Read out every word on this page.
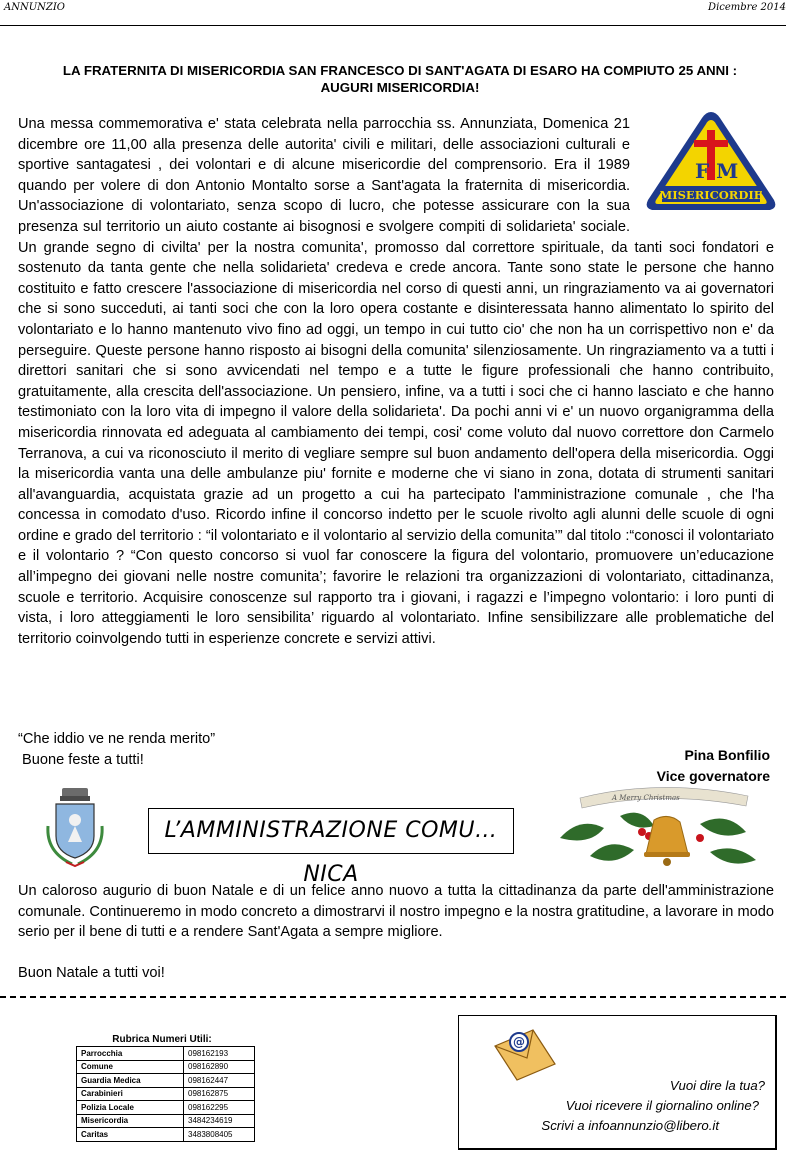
ANNUNZIO	Dicembre 2014
LA FRATERNITA DI MISERICORDIA SAN FRANCESCO DI SANT'AGATA DI ESARO HA COMPIUTO 25 ANNI :
AUGURI MISERICORDIA!
F M
MISERICORDIE
Una messa commemorativa e' stata celebrata nella parrocchia ss. Annunziata, Domenica 21 dicembre ore 11,00 alla presenza delle autorita' civili e militari, delle associazioni culturali e sportive santagatesi , dei volontari e di alcune misericordie del comprensorio. Era il 1989 quando per volere di don Antonio Montalto sorse a Sant'agata la fraternita di misericordia. Un'associazione di volontariato, senza scopo di lucro, che potesse assicurare con la sua presenza sul territorio un aiuto costante ai bisognosi e svolgere compiti di solidarieta' sociale. Un grande segno di civilta' per la nostra comunita', promosso dal correttore spirituale, da tanti soci fondatori e sostenuto da tanta gente che nella solidarieta' credeva e crede ancora. Tante sono state le persone che hanno costituito e fatto crescere l'associazione di misericordia nel corso di questi anni, un ringraziamento va ai governatori che si sono succeduti, ai tanti soci che con la loro opera costante e disinteressata hanno alimentato lo spirito del volontariato e lo hanno mantenuto vivo fino ad oggi, un tempo in cui tutto cio' che non ha un corrispettivo non e' da perseguire. Queste persone hanno risposto ai bisogni della comunita' silenziosamente. Un ringraziamento va a tutti i direttori sanitari che si sono avvicendati nel tempo e a tutte le figure professionali che hanno contribuito, gratuitamente, alla crescita dell'associazione. Un pensiero, infine, va a tutti i soci che ci hanno lasciato e che hanno testimoniato con la loro vita di impegno il valore della solidarieta'. Da pochi anni vi e' un nuovo organigramma della misericordia rinnovata ed adeguata al cambiamento dei tempi, cosi' come voluto dal nuovo correttore don Carmelo Terranova, a cui va riconosciuto il merito di vegliare sempre sul buon andamento dell'opera della misericordia. Oggi la misericordia vanta una delle ambulanze piu' fornite e moderne che vi siano in zona, dotata di strumenti sanitari all'avanguardia, acquistata grazie ad un progetto a cui ha partecipato l'amministrazione comunale , che l'ha concessa in comodato d'uso. Ricordo infine il concorso indetto per le scuole rivolto agli alunni delle scuole di ogni ordine e grado del territorio : “il volontariato e il volontario al servizio della comunita’” dal titolo :“conosci il volontariato e il volontario ? “Con questo concorso si vuol far conoscere la figura del volontario, promuovere un’educazione all’impegno dei giovani nelle nostre comunita’; favorire le relazioni tra organizzazioni di volontariato, cittadinanza, scuole e territorio. Acquisire conoscenze sul rapporto tra i giovani, i ragazzi e l’impegno volontario: i loro punti di vista, i loro atteggiamenti le loro sensibilita’ riguardo al volontariato. Infine sensibilizzare alle problematiche del territorio coinvolgendo tutti in esperienze concrete e servizi attivi.
“Che iddio ve ne renda merito”
Buone feste a tutti!	Pina Bonfilio
Vice governatore
L’AMMINISTRAZIONE COMU…NICA
A Merry Christmas

Un caloroso augurio di buon Natale e di un felice anno nuovo a tutta la cittadinanza da parte dell'amministrazione comunale. Continueremo in modo concreto a dimostrarvi il nostro impegno e la nostra gratitudine, a lavorare in modo serio per il bene di tutti e a rendere Sant'Agata a sempre migliore.

Buon Natale a tutti voi!

Rubrica Numeri Utili:
Parrocchia	098162193
Comune	098162890
Guardia Medica	098162447
Carabinieri	098162875
Polizia Locale	098162295
Misericordia	3484234619
Caritas	3483808405
@
Vuoi dire la tua?
Vuoi ricevere il giornalino online?
Scrivi a infoannunzio@libero.it
